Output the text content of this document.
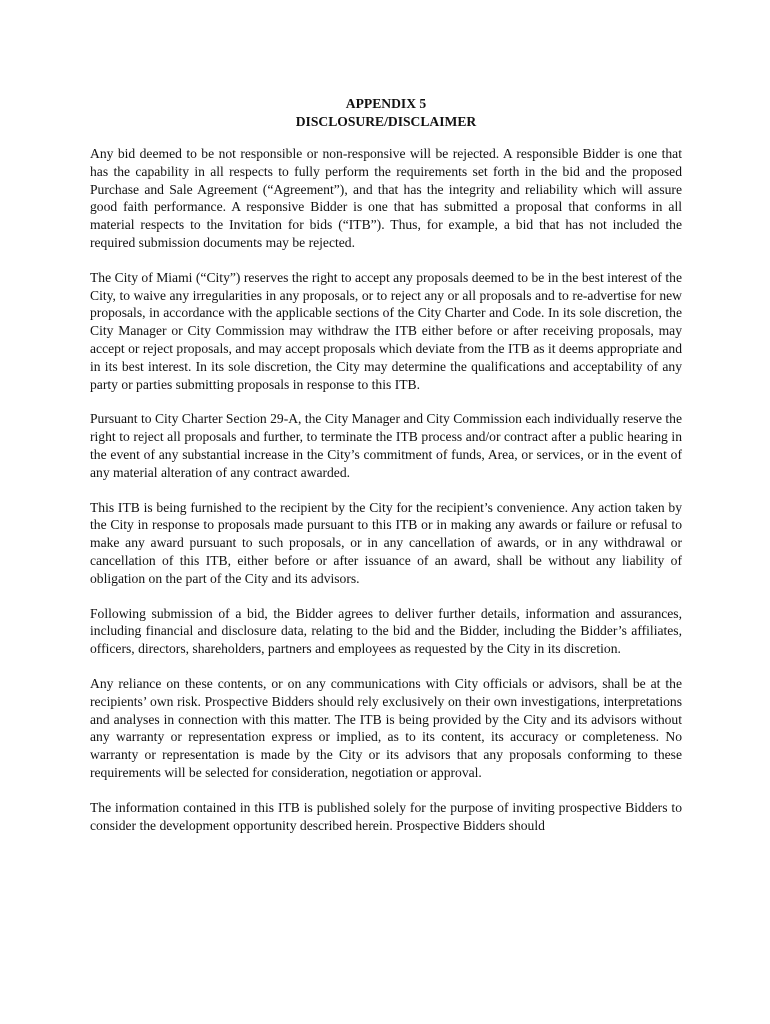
APPENDIX 5

DISCLOSURE/DISCLAIMER

Any bid deemed to be not responsible or non-responsive will be rejected. A responsible Bidder is one that has the capability in all respects to fully perform the requirements set forth in the bid and the proposed Purchase and Sale Agreement (“Agreement”), and that has the integrity and reliability which will assure good faith performance. A responsive Bidder is one that has submitted a proposal that conforms in all material respects to the Invitation for bids (“ITB”). Thus, for example, a bid that has not included the required submission documents may be rejected.

The City of Miami (“City”) reserves the right to accept any proposals deemed to be in the best interest of the City, to waive any irregularities in any proposals, or to reject any or all proposals and to re-advertise for new proposals, in accordance with the applicable sections of the City Charter and Code. In its sole discretion, the City Manager or City Commission may withdraw the ITB either before or after receiving proposals, may accept or reject proposals, and may accept proposals which deviate from the ITB as it deems appropriate and in its best interest. In its sole discretion, the City may determine the qualifications and acceptability of any party or parties submitting proposals in response to this ITB.

Pursuant to City Charter Section 29-A, the City Manager and City Commission each individually reserve the right to reject all proposals and further, to terminate the ITB process and/or contract after a public hearing in the event of any substantial increase in the City’s commitment of funds, Area, or services, or in the event of any material alteration of any contract awarded.

This ITB is being furnished to the recipient by the City for the recipient’s convenience. Any action taken by the City in response to proposals made pursuant to this ITB or in making any awards or failure or refusal to make any award pursuant to such proposals, or in any cancellation of awards, or in any withdrawal or cancellation of this ITB, either before or after issuance of an award, shall be without any liability of obligation on the part of the City and its advisors.

Following submission of a bid, the Bidder agrees to deliver further details, information and assurances, including financial and disclosure data, relating to the bid and the Bidder, including the Bidder’s affiliates, officers, directors, shareholders, partners and employees as requested by the City in its discretion.

Any reliance on these contents, or on any communications with City officials or advisors, shall be at the recipients’ own risk. Prospective Bidders should rely exclusively on their own investigations, interpretations and analyses in connection with this matter. The ITB is being provided by the City and its advisors without any warranty or representation express or implied, as to its content, its accuracy or completeness. No warranty or representation is made by the City or its advisors that any proposals conforming to these requirements will be selected for consideration, negotiation or approval.

The information contained in this ITB is published solely for the purpose of inviting prospective Bidders to consider the development opportunity described herein. Prospective Bidders should
